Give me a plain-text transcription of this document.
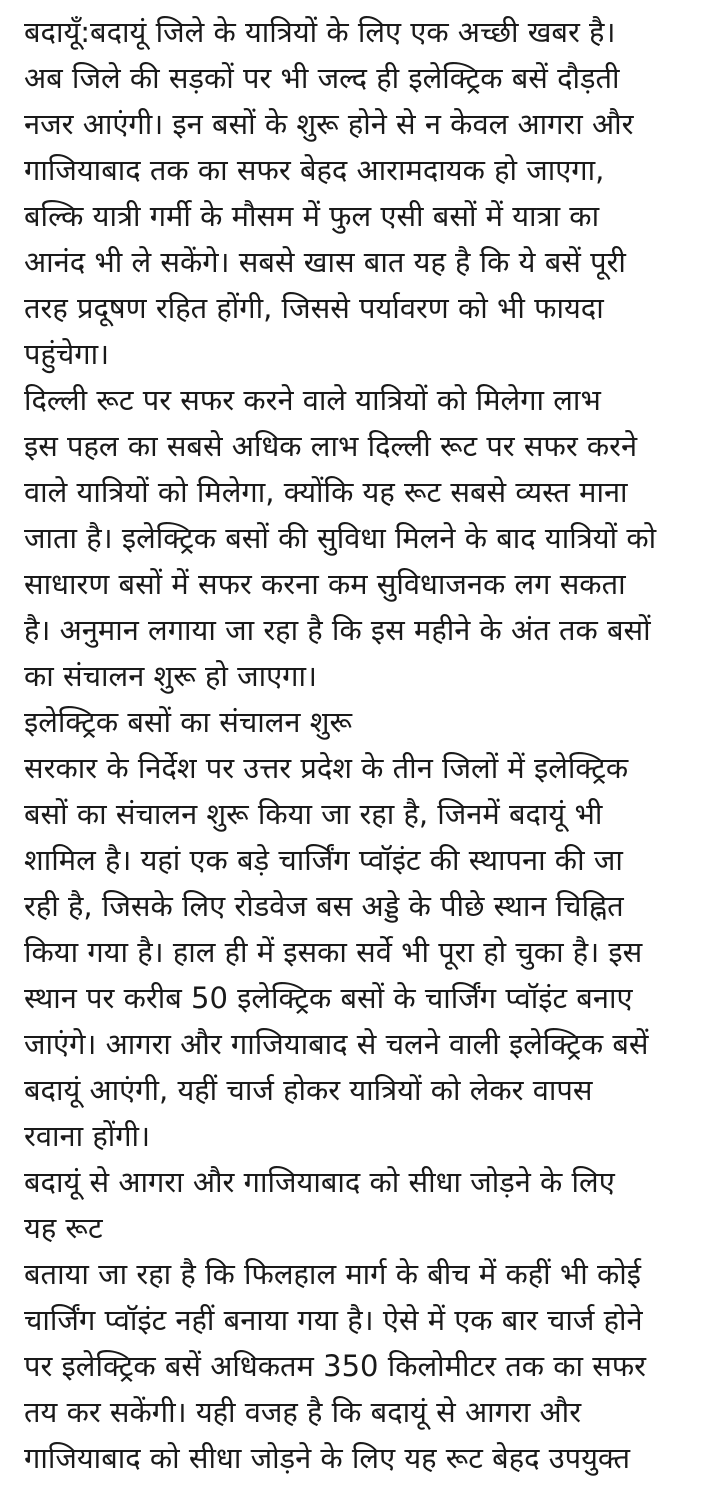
बदायूँ:बदायूं जिले के यात्रियों के लिए एक अच्छी खबर है।
अब जिले की सड़कों पर भी जल्द ही इलेक्ट्रिक बसें दौड़ती
नजर आएंगी। इन बसों के शुरू होने से न केवल आगरा और
गाजियाबाद तक का सफर बेहद आरामदायक हो जाएगा,
बल्कि यात्री गर्मी के मौसम में फुल एसी बसों में यात्रा का
आनंद भी ले सकेंगे। सबसे खास बात यह है कि ये बसें पूरी
तरह प्रदूषण रहित होंगी, जिससे पर्यावरण को भी फायदा
पहुंचेगा।
दिल्ली रूट पर सफर करने वाले यात्रियों को मिलेगा लाभ
इस पहल का सबसे अधिक लाभ दिल्ली रूट पर सफर करने
वाले यात्रियों को मिलेगा, क्योंकि यह रूट सबसे व्यस्त माना
जाता है। इलेक्ट्रिक बसों की सुविधा मिलने के बाद यात्रियों को
साधारण बसों में सफर करना कम सुविधाजनक लग सकता
है। अनुमान लगाया जा रहा है कि इस महीने के अंत तक बसों
का संचालन शुरू हो जाएगा।
इलेक्ट्रिक बसों का संचालन शुरू
सरकार के निर्देश पर उत्तर प्रदेश के तीन जिलों में इलेक्ट्रिक
बसों का संचालन शुरू किया जा रहा है, जिनमें बदायूं भी
शामिल है। यहां एक बड़े चार्जिंग प्वॉइंट की स्थापना की जा
रही है, जिसके लिए रोडवेज बस अड्डे के पीछे स्थान चिह्नित
किया गया है। हाल ही में इसका सर्वे भी पूरा हो चुका है। इस
स्थान पर करीब 50 इलेक्ट्रिक बसों के चार्जिंग प्वॉइंट बनाए
जाएंगे। आगरा और गाजियाबाद से चलने वाली इलेक्ट्रिक बसें
बदायूं आएंगी, यहीं चार्ज होकर यात्रियों को लेकर वापस
रवाना होंगी।
बदायूं से आगरा और गाजियाबाद को सीधा जोड़ने के लिए
यह रूट
बताया जा रहा है कि फिलहाल मार्ग के बीच में कहीं भी कोई
चार्जिंग प्वॉइंट नहीं बनाया गया है। ऐसे में एक बार चार्ज होने
पर इलेक्ट्रिक बसें अधिकतम 350 किलोमीटर तक का सफर
तय कर सकेंगी। यही वजह है कि बदायूं से आगरा और
गाजियाबाद को सीधा जोड़ने के लिए यह रूट बेहद उपयुक्त
